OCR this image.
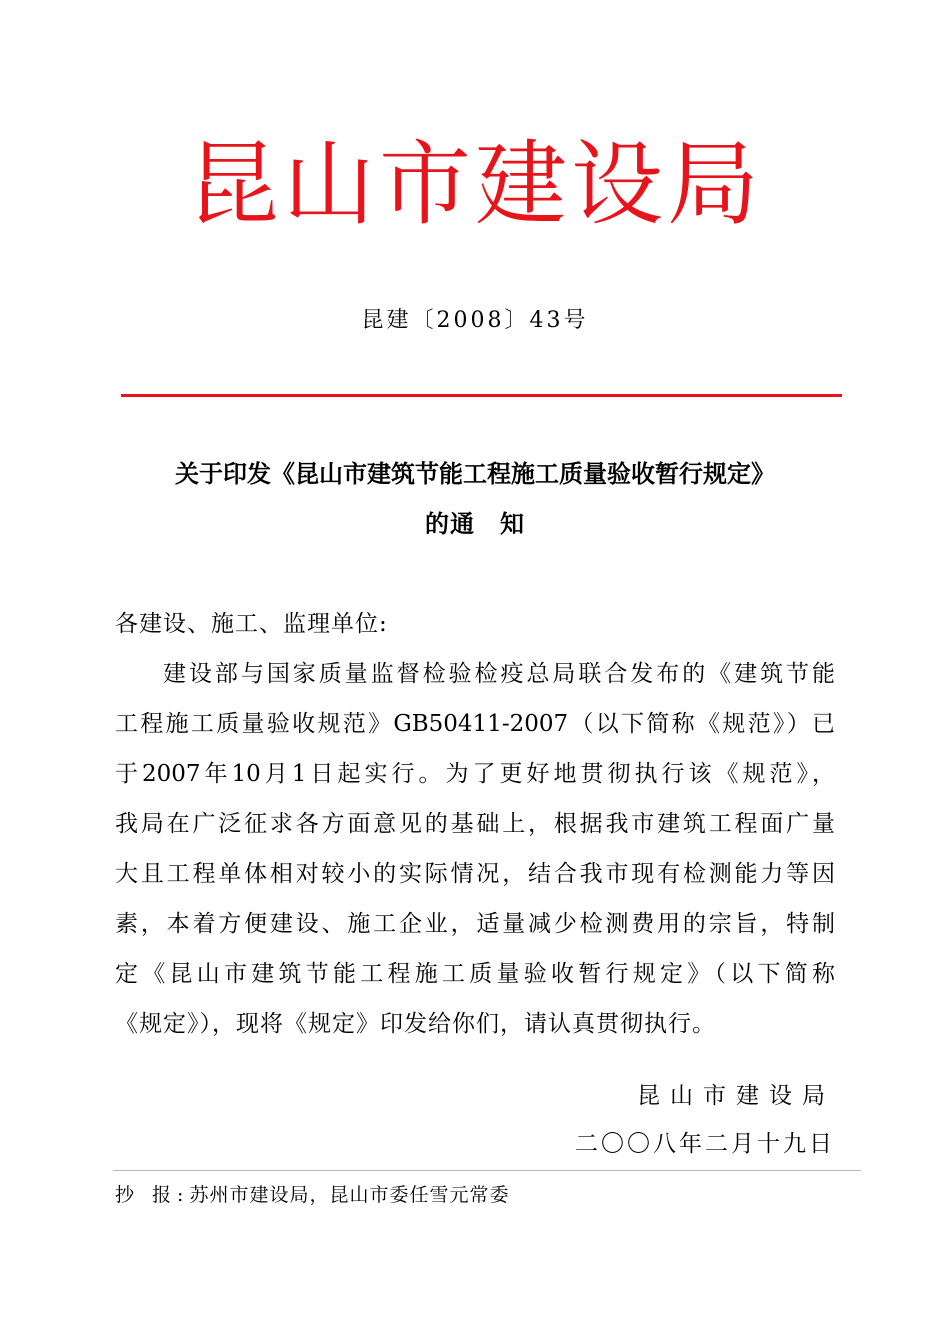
昆山市建设局
昆建〔2008〕43号
关于印发《昆山市建筑节能工程施工质量验收暂行规定》
的通　知
各建设、施工、监理单位:
建设部与国家质量监督检验检疫总局联合发布的《建筑节能
工程施工质量验收规范》GB50411-2007（以下简称《规范》）已
于2007年10月1日起实行。为了更好地贯彻执行该《规范》，
我局在广泛征求各方面意见的基础上，根据我市建筑工程面广量
大且工程单体相对较小的实际情况，结合我市现有检测能力等因
素，本着方便建设、施工企业，适量减少检测费用的宗旨，特制
定《昆山市建筑节能工程施工质量验收暂行规定》（以下简称
《规定》），现将《规定》印发给你们，请认真贯彻执行。
昆山市建设局
二〇〇八年二月十九日
抄 报:苏州市建设局，昆山市委任雪元常委
